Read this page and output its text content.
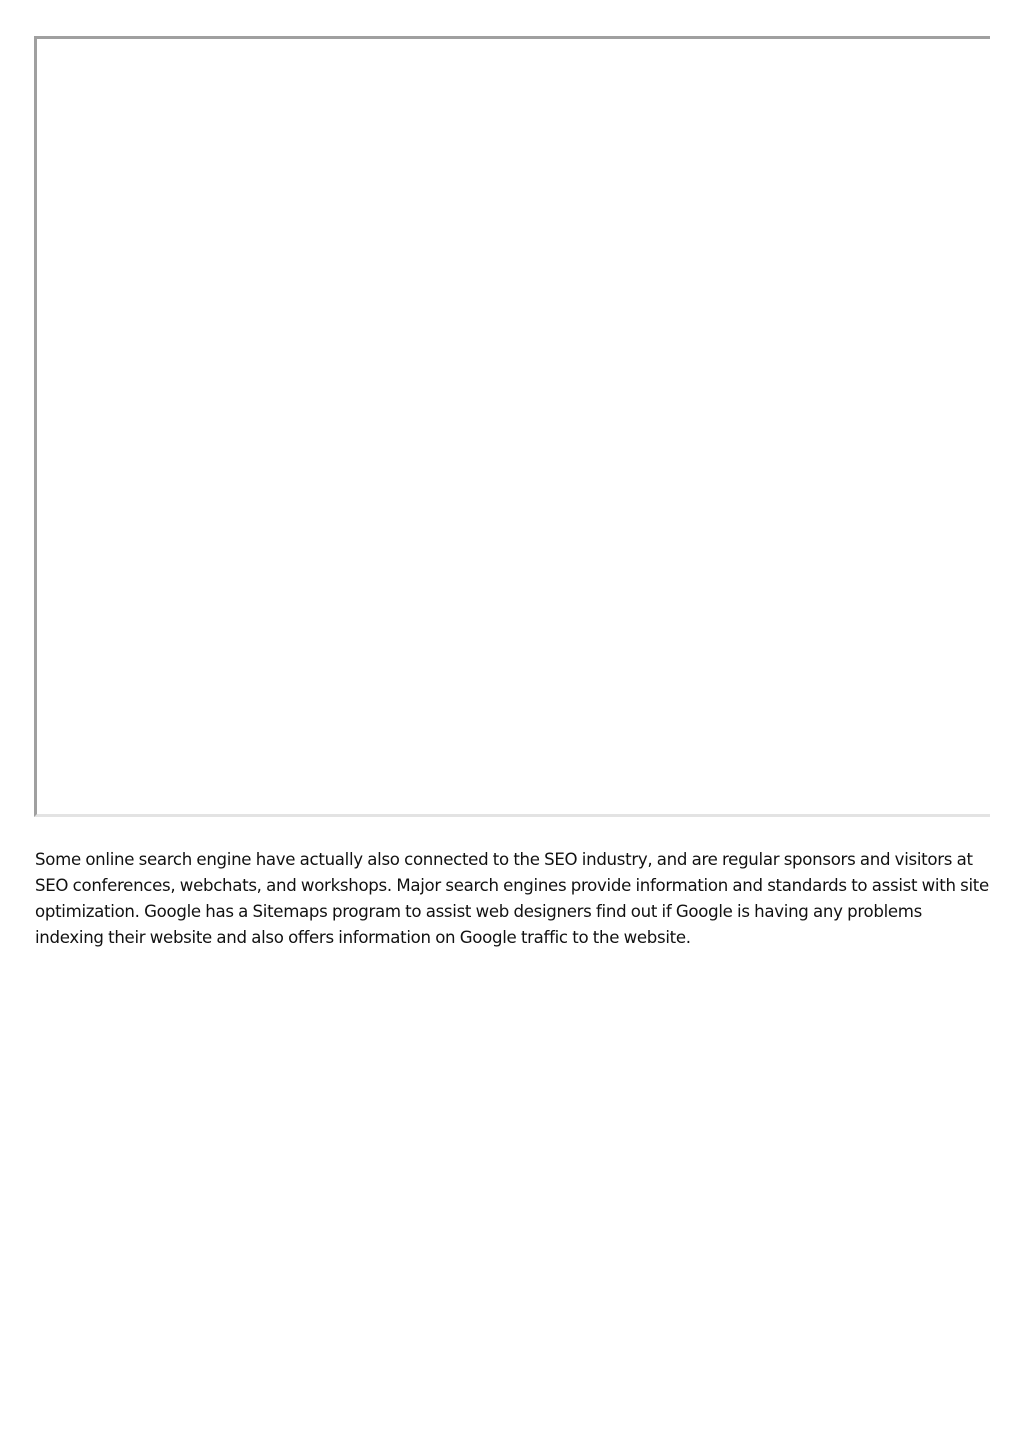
Some online search engine have actually also connected to the SEO industry, and are regular sponsors and visitors at SEO conferences, webchats, and workshops. Major search engines provide information and standards to assist with site optimization. Google has a Sitemaps program to assist web designers find out if Google is having any problems indexing their website and also offers information on Google traffic to the website.
